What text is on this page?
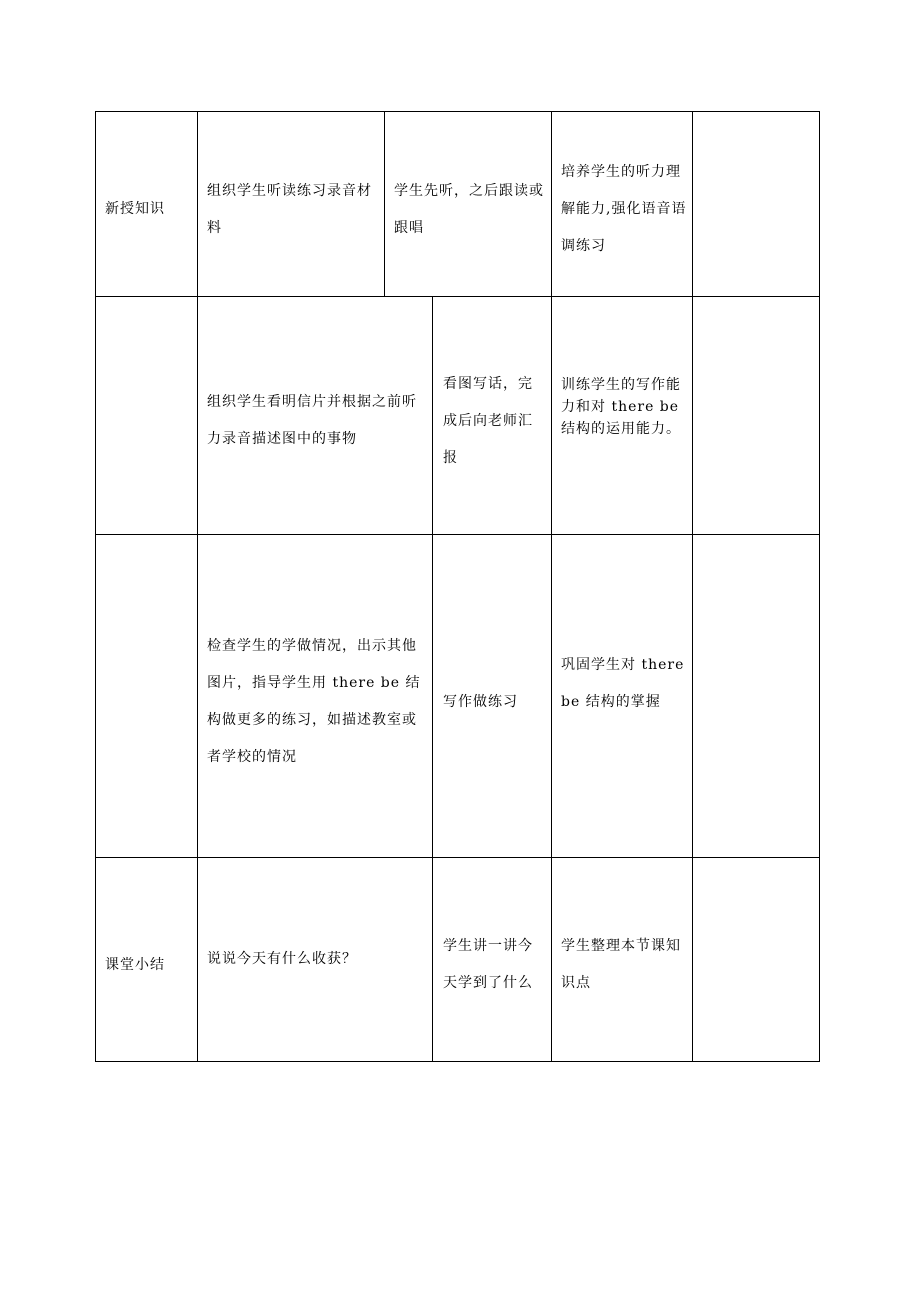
新授知识
组织学生听读练习录音材料
学生先听，之后跟读或跟唱
培养学生的听力理解能力,强化语音语调练习
组织学生看明信片并根据之前听力录音描述图中的事物
看图写话，完成后向老师汇报
训练学生的写作能力和对 there be 结构的运用能力。
检查学生的学做情况，出示其他图片，指导学生用 there be 结构做更多的练习，如描述教室或者学校的情况
写作做练习
巩固学生对 there be 结构的掌握
课堂小结	说说今天有什么收获？
学生讲一讲今天学到了什么
学生整理本节课知识点
